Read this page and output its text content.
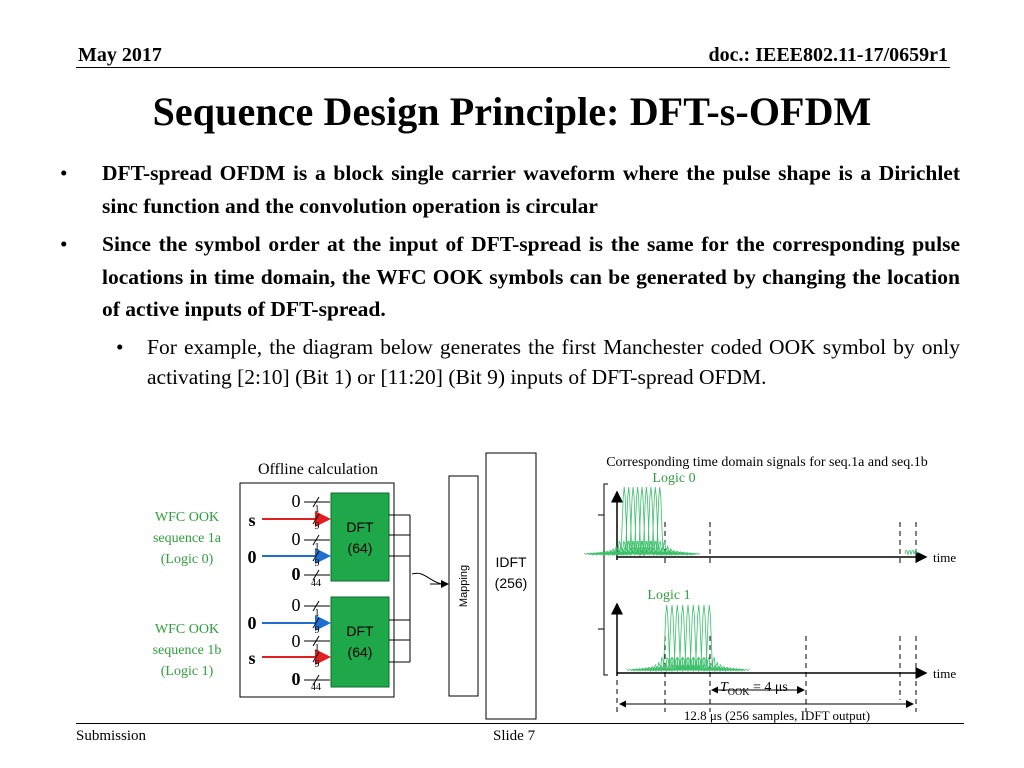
May 2017	doc.: IEEE802.11-17/0659r1
Sequence Design Principle: DFT-s-OFDM
• DFT-spread OFDM is a block single carrier waveform where the pulse shape is a Dirichlet sinc function and the convolution operation is circular
• Since the symbol order at the input of DFT-spread is the same for the corresponding pulse locations in time domain, the WFC OOK symbols can be generated by changing the location of active inputs of DFT-spread.
• For example, the diagram below generates the first Manchester coded OOK symbol by only activating [2:10] (Bit 1) or [11:20] (Bit 9) inputs of DFT-spread OFDM.
Offline calculation
WFC OOK
sequence 1a
(Logic 0)
WFC OOK
sequence 1b
(Logic 1)
0
s
0
0
0
0
0
0
s
0
1
9
1
9
44
1
9
1
9
44
DFT
(64)
DFT
(64)
Mapping
IDFT
(256)
Corresponding time domain signals for seq.1a and seq.1b
Logic 0
Logic 1
time
time
$T_{OOK} = 4$ μs
12.8 μs (256 samples, IDFT output)
Submission	Slide 7
